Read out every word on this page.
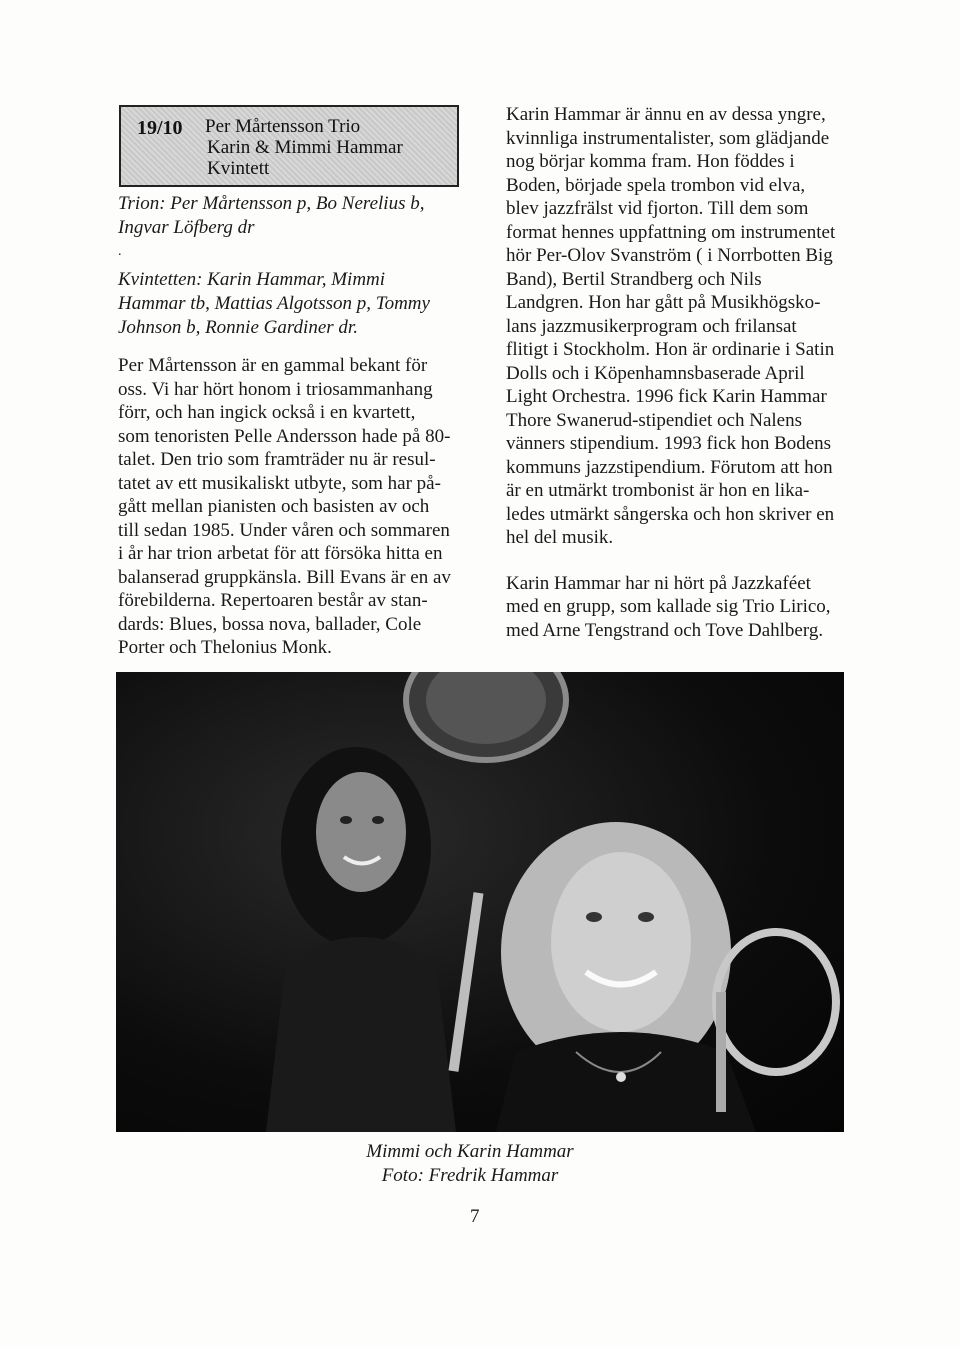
19/10 Per Mårtensson Trio
Karin & Mimmi Hammar
Kvintett
Trion: Per Mårtensson p, Bo Nerelius b,
Ingvar Löfberg dr
.
Kvintetten: Karin Hammar, Mimmi
Hammar tb, Mattias Algotsson p, Tommy
Johnson b, Ronnie Gardiner dr.
Per Mårtensson är en gammal bekant för
oss. Vi har hört honom i triosammanhang
förr, och han ingick också i en kvartett,
som tenoristen Pelle Andersson hade på 80-
talet. Den trio som framträder nu är resul-
tatet av ett musikaliskt utbyte, som har på-
gått mellan pianisten och basisten av och
till sedan 1985. Under våren och sommaren
i år har trion arbetat för att försöka hitta en
balanserad gruppkänsla. Bill Evans är en av
förebilderna. Repertoaren består av stan-
dards: Blues, bossa nova, ballader, Cole
Porter och Thelonius Monk.
Karin Hammar är ännu en av dessa yngre,
kvinnliga instrumentalister, som glädjande
nog börjar komma fram. Hon föddes i
Boden, började spela trombon vid elva,
blev jazzfrälst vid fjorton. Till dem som
format hennes uppfattning om instrumentet
hör Per-Olov Svanström ( i Norrbotten Big
Band), Bertil Strandberg och Nils
Landgren. Hon har gått på Musikhögsko-
lans jazzmusikerprogram och frilansat
flitigt i Stockholm. Hon är ordinarie i Satin
Dolls och i Köpenhamnsbaserade April
Light Orchestra. 1996 fick Karin Hammar
Thore Swanerud-stipendiet och Nalens
vänners stipendium. 1993 fick hon Bodens
kommuns jazzstipendium. Förutom att hon
är en utmärkt trombonist är hon en lika-
ledes utmärkt sångerska och hon skriver en
hel del musik.
Karin Hammar har ni hört på Jazzkaféet
med en grupp, som kallade sig Trio Lirico,
med Arne Tengstrand och Tove Dahlberg.
Mimmi och Karin Hammar
Foto: Fredrik Hammar
7
